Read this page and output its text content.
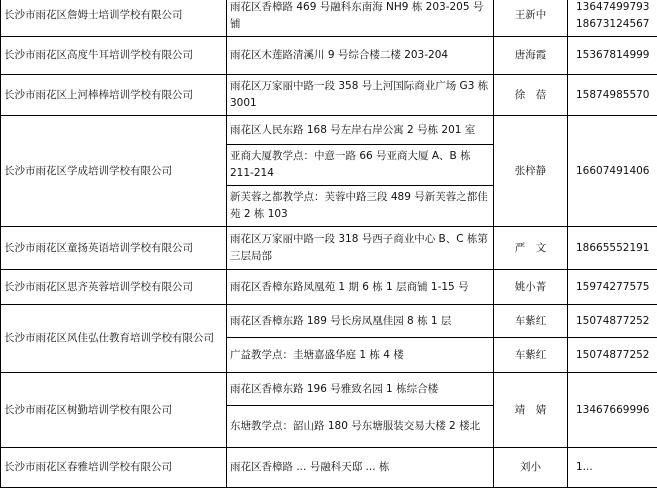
长沙市雨花区詹姆士培训学校有限公司	雨花区香樟路 469 号融科东南海 NH9 栋 203-205 号铺	王新中	13647499793
18673124567

长沙市雨花区高度牛耳培训学校有限公司	雨花区木莲路清溪川 9 号综合楼二楼 203-204	唐海霞	15367814999
长沙市雨花区上河棒棒培训学校有限公司	雨花区万家丽中路一段 358 号上河国际商业广场 G3 栋 3001	徐　蓓	15874985570
长沙市雨花区学成培训学校有限公司	雨花区人民东路 168 号左岸右岸公寓 2 号栋 201 室	张梓静	16607491406
	亚商大厦教学点：中意一路 66 号亚商大厦 A、B 栋 211-214		
	新芙蓉之都教学点：芙蓉中路三段 489 号新芙蓉之都佳苑 2 栋 103		
长沙市雨花区童扬英语培训学校有限公司	雨花区万家丽中路一段 318 号西子商业中心 B、C 栋第三层局部	严　文	18665552191
长沙市雨花区思齐英蓉培训学校有限公司	雨花区香樟东路凤凰苑 1 期 6 栋 1 层商铺 1-15 号	姚小菁	15974277575
长沙市雨花区风佳弘仕教育培训学校有限公司	雨花区香樟东路 189 号长房凤凰佳园 8 栋 1 层	车紫红	15074877252
	广益教学点：圭塘嘉盛华庭 1 栋 4 楼	车紫红	15074877252
长沙市雨花区树勤培训学校有限公司	雨花区香樟东路 196 号雅致名园 1 栋综合楼	靖　婧	13467669996
	东塘教学点：韶山路 180 号东塘服装交易大楼 2 楼北		
长沙市雨花区春雅培训学校有限公司	雨花区香樟路 ... 号融科天邸 ... 栋	刘小	1...
